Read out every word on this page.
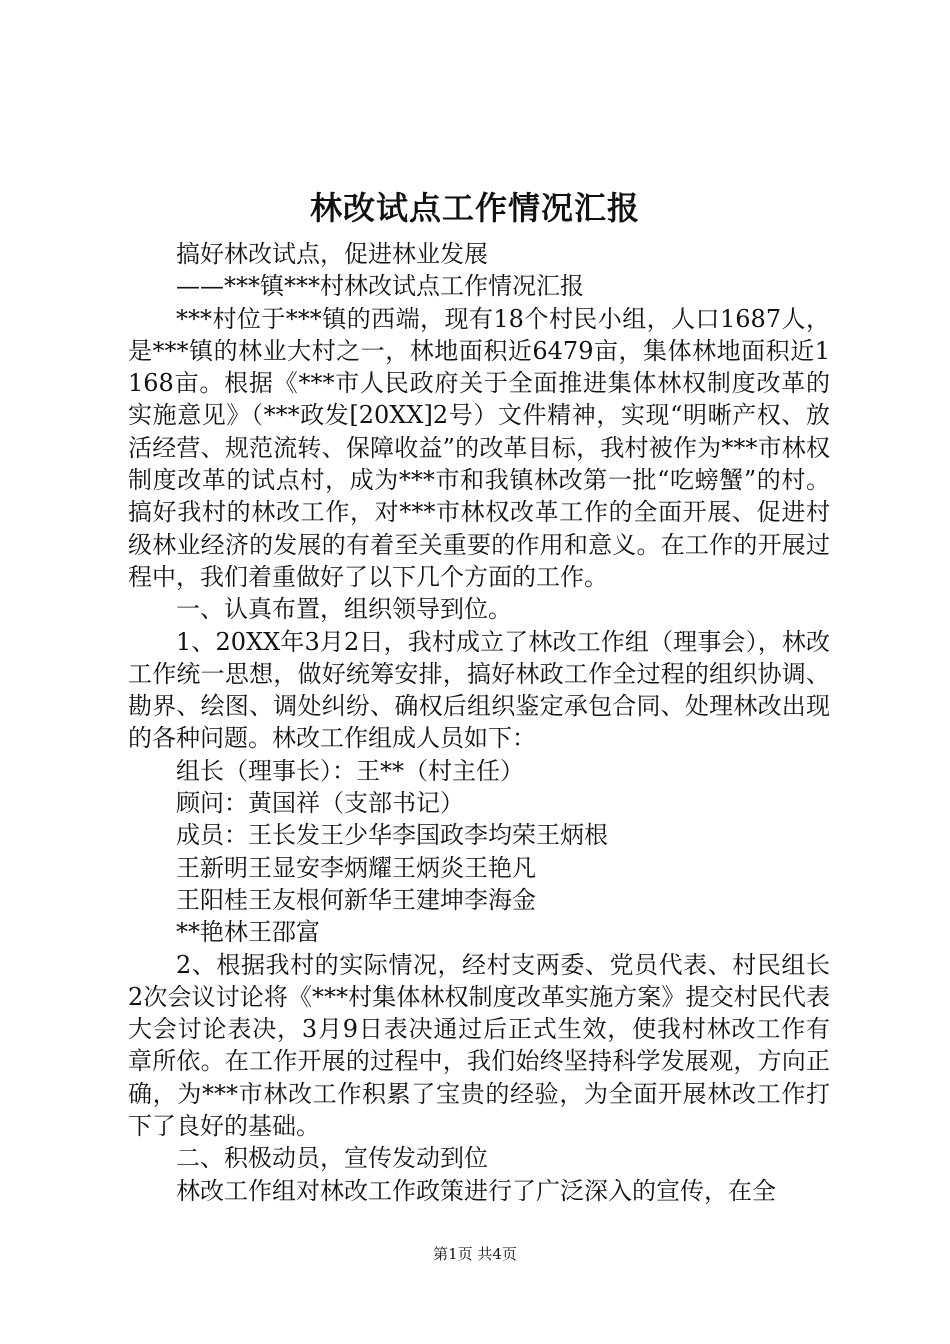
林改试点工作情况汇报

搞好林改试点，促进林业发展

——***镇***村林改试点工作情况汇报

***村位于***镇的西端，现有18个村民小组，人口1687人，是***镇的林业大村之一，林地面积近6479亩，集体林地面积近1168亩。根据《***市人民政府关于全面推进集体林权制度改革的实施意见》（***政发[20XX]2号）文件精神，实现“明晰产权、放活经营、规范流转、保障收益”的改革目标，我村被作为***市林权制度改革的试点村，成为***市和我镇林改第一批“吃螃蟹”的村。搞好我村的林改工作，对***市林权改革工作的全面开展、促进村级林业经济的发展的有着至关重要的作用和意义。在工作的开展过程中，我们着重做好了以下几个方面的工作。

一、认真布置，组织领导到位。

1、20XX年3月2日，我村成立了林改工作组（理事会），林改工作统一思想，做好统筹安排，搞好林政工作全过程的组织协调、勘界、绘图、调处纠纷、确权后组织鉴定承包合同、处理林改出现的各种问题。林改工作组成人员如下：

组长（理事长）：王**（村主任）

顾问：黄国祥（支部书记）

成员：王长发王少华李国政李均荣王炳根

王新明王显安李炳耀王炳炎王艳凡

王阳桂王友根何新华王建坤李海金

**艳林王邵富

2、根据我村的实际情况，经村支两委、党员代表、村民组长2次会议讨论将《***村集体林权制度改革实施方案》提交村民代表大会讨论表决，3月9日表决通过后正式生效，使我村林改工作有章所依。在工作开展的过程中，我们始终坚持科学发展观，方向正确，为***市林改工作积累了宝贵的经验，为全面开展林改工作打下了良好的基础。

二、积极动员，宣传发动到位

林改工作组对林改工作政策进行了广泛深入的宣传，在全

第1页 共4页
